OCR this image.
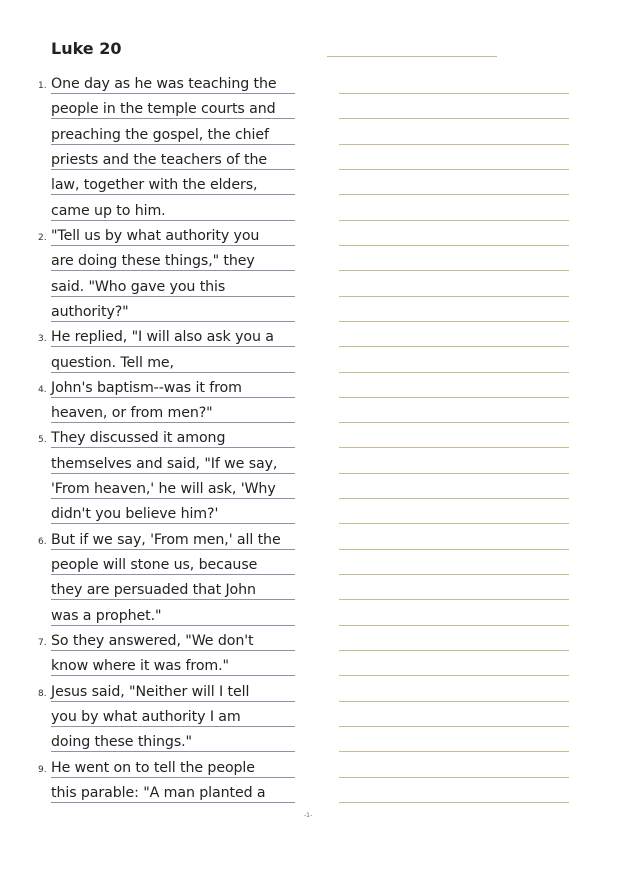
Luke 20
1. One day as he was teaching the
people in the temple courts and
preaching the gospel, the chief
priests and the teachers of the
law, together with the elders,
came up to him.
2. "Tell us by what authority you
are doing these things," they
said. "Who gave you this
authority?"
3. He replied, "I will also ask you a
question. Tell me,
4. John's baptism--was it from
heaven, or from men?"
5. They discussed it among
themselves and said, "If we say,
'From heaven,' he will ask, 'Why
didn't you believe him?'
6. But if we say, 'From men,' all the
people will stone us, because
they are persuaded that John
was a prophet."
7. So they answered, "We don't
know where it was from."
8. Jesus said, "Neither will I tell
you by what authority I am
doing these things."
9. He went on to tell the people
this parable: "A man planted a
-1-
